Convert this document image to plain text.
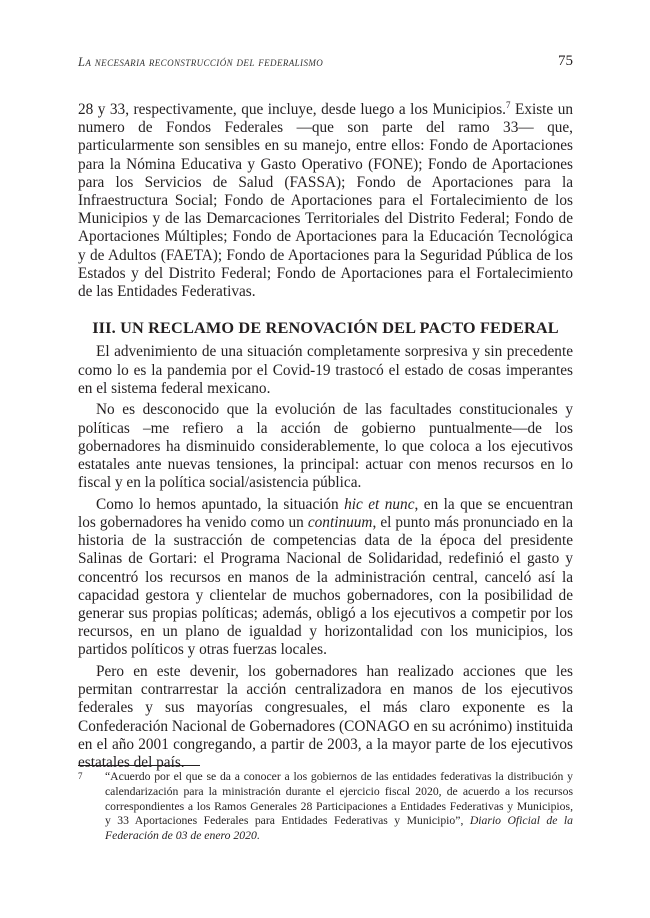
La necesaria reconstrucción del federalismo	75

28 y 33, respectivamente, que incluye, desde luego a los Municipios.$^7$ Existe un numero de Fondos Federales —que son parte del ramo 33— que, particularmente son sensibles en su manejo, entre ellos: Fondo de Aportaciones para la Nómina Educativa y Gasto Operativo (FONE); Fondo de Aportaciones para los Servicios de Salud (FASSA); Fondo de Aportaciones para la Infraestructura Social; Fondo de Aportaciones para el Fortalecimiento de los Municipios y de las Demarcaciones Territoriales del Distrito Federal; Fondo de Aportaciones Múltiples; Fondo de Aportaciones para la Educación Tecnológica y de Adultos (FAETA); Fondo de Aportaciones para la Seguridad Pública de los Estados y del Distrito Federal; Fondo de Aportaciones para el Fortalecimiento de las Entidades Federativas.

III. UN RECLAMO DE RENOVACIÓN DEL PACTO FEDERAL

El advenimiento de una situación completamente sorpresiva y sin precedente como lo es la pandemia por el Covid-19 trastocó el estado de cosas imperantes en el sistema federal mexicano.

No es desconocido que la evolución de las facultades constitucionales y políticas –me refiero a la acción de gobierno puntualmente—de los gobernadores ha disminuido considerablemente, lo que coloca a los ejecutivos estatales ante nuevas tensiones, la principal: actuar con menos recursos en lo fiscal y en la política social/asistencia pública.

Como lo hemos apuntado, la situación hic et nunc, en la que se encuentran los gobernadores ha venido como un continuum, el punto más pronunciado en la historia de la sustracción de competencias data de la época del presidente Salinas de Gortari: el Programa Nacional de Solidaridad, redefinió el gasto y concentró los recursos en manos de la administración central, canceló así la capacidad gestora y clientelar de muchos gobernadores, con la posibilidad de generar sus propias políticas; además, obligó a los ejecutivos a competir por los recursos, en un plano de igualdad y horizontalidad con los municipios, los partidos políticos y otras fuerzas locales.

Pero en este devenir, los gobernadores han realizado acciones que les permitan contrarrestar la acción centralizadora en manos de los ejecutivos federales y sus mayorías congresuales, el más claro exponente es la Confederación Nacional de Gobernadores (CONAGO en su acrónimo) instituida en el año 2001 congregando, a partir de 2003, a la mayor parte de los ejecutivos estatales del país.

7	“Acuerdo por el que se da a conocer a los gobiernos de las entidades federativas la distribución y calendarización para la ministración durante el ejercicio fiscal 2020, de acuerdo a los recursos correspondientes a los Ramos Generales 28 Participaciones a Entidades Federativas y Municipios, y 33 Aportaciones Federales para Entidades Federativas y Municipio”, Diario Oficial de la Federación de 03 de enero 2020.
